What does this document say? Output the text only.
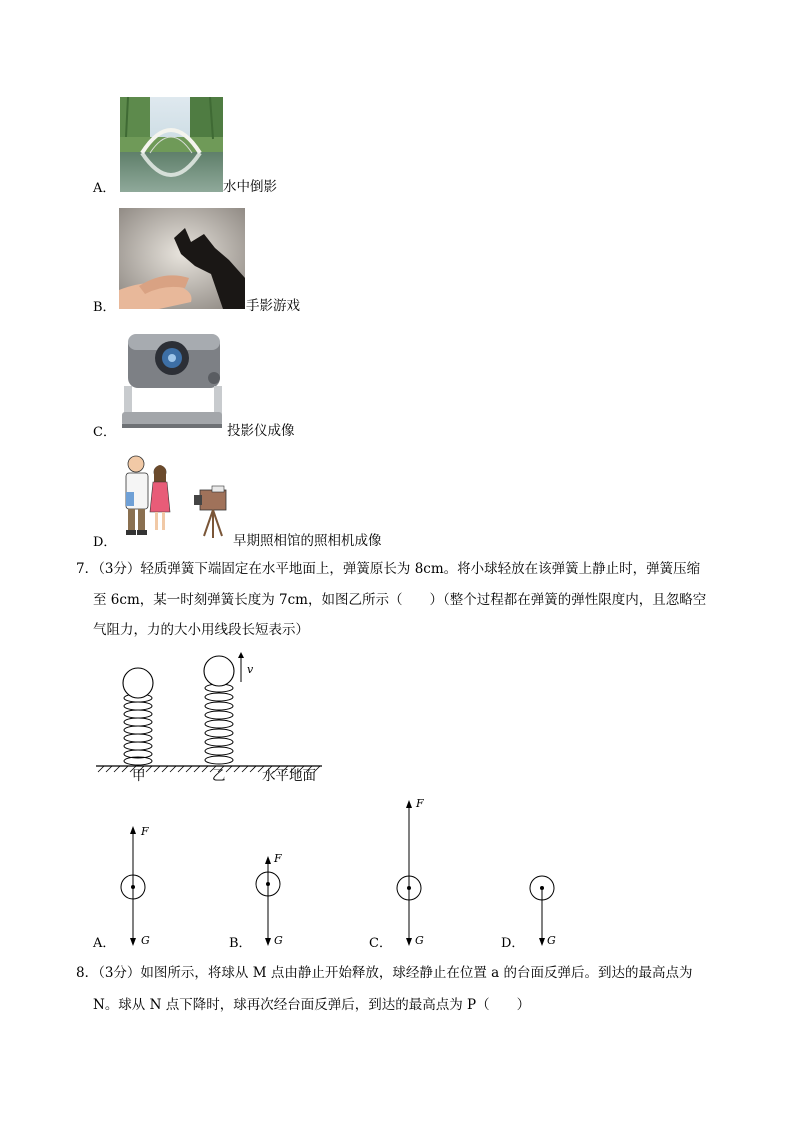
A．	水中倒影
B．	手影游戏
C．	投影仪成像
D．	早期照相馆的照相机成像
7．（3分）轻质弹簧下端固定在水平地面上，弹簧原长为 8cm。将小球轻放在该弹簧上静止时，弹簧压缩
至 6cm，某一时刻弹簧长度为 7cm，如图乙所示（　　）（整个过程都在弹簧的弹性限度内，且忽略空
气阻力，力的大小用线段长短表示）
v
甲	乙	水平地面
F
G
A．
F
G
B．
F
G
C．	G
D．
8．（3分）如图所示，将球从 M 点由静止开始释放，球经静止在位置 a 的台面反弹后。到达的最高点为
N。球从 N 点下降时，球再次经台面反弹后，到达的最高点为 P（　　）
